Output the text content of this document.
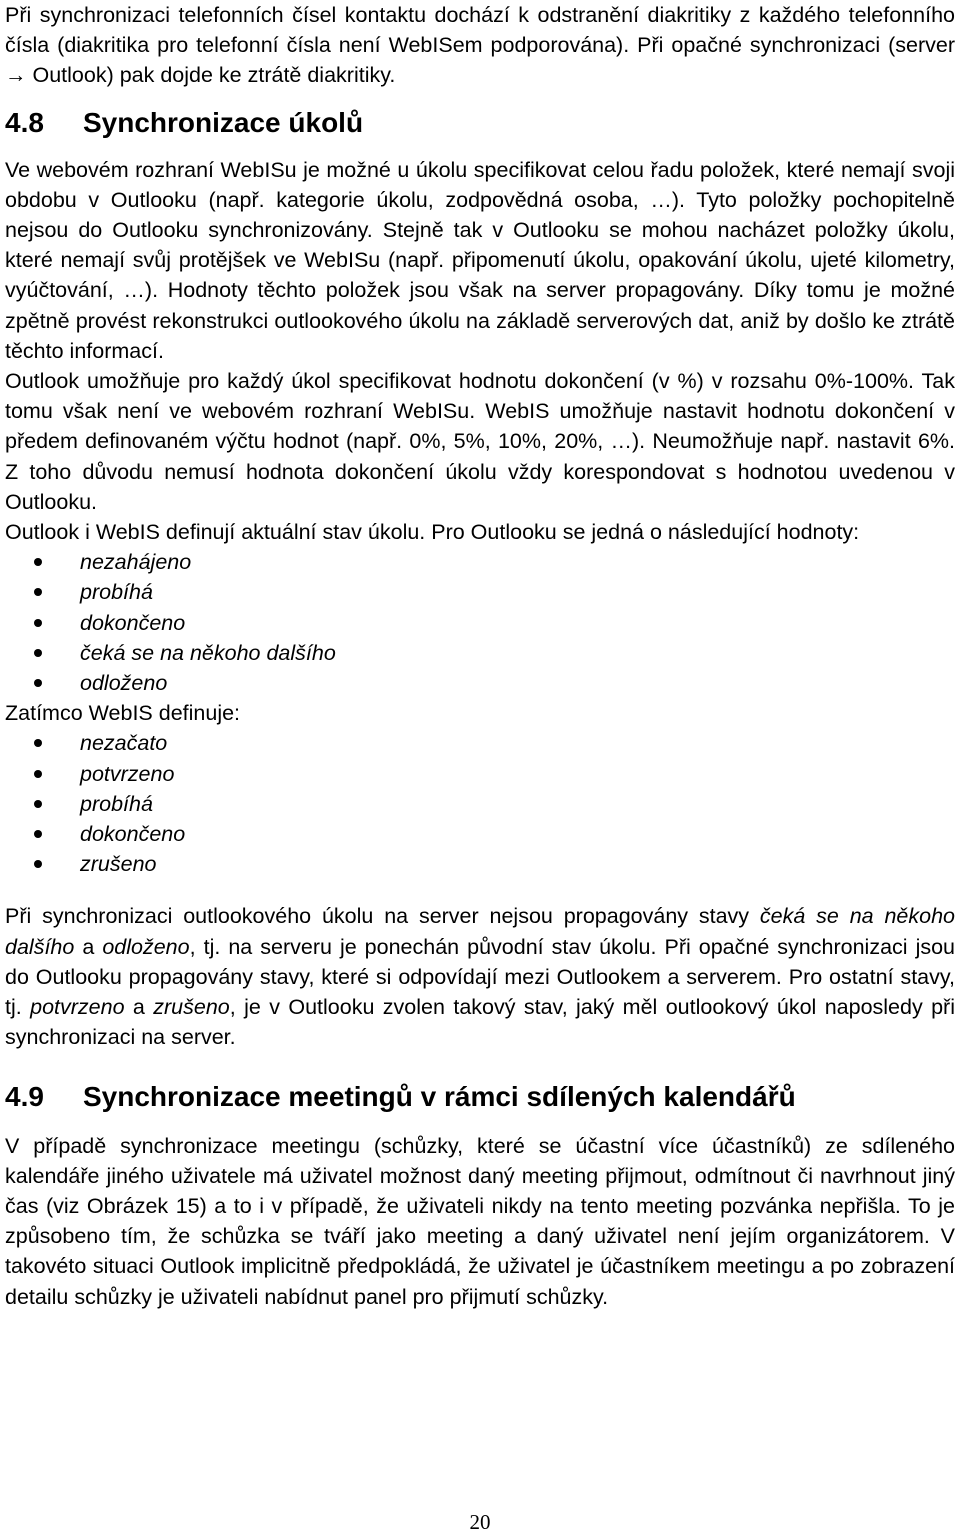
Při synchronizaci telefonních čísel kontaktu dochází k odstranění diakritiky z každého telefonního čísla (diakritika pro telefonní čísla není WebISem podporována). Při opačné synchronizaci (server → Outlook) pak dojde ke ztrátě diakritiky.

4.8	Synchronizace úkolů

Ve webovém rozhraní WebISu je možné u úkolu specifikovat celou řadu položek, které nemají svoji obdobu v Outlooku (např. kategorie úkolu, zodpovědná osoba, …). Tyto položky pochopitelně nejsou do Outlooku synchronizovány. Stejně tak v Outlooku se mohou nacházet položky úkolu, které nemají svůj protějšek ve WebISu (např. připomenutí úkolu, opakování úkolu, ujeté kilometry, vyúčtování, …). Hodnoty těchto položek jsou však na server propagovány. Díky tomu je možné zpětně provést rekonstrukci outlookového úkolu na základě serverových dat, aniž by došlo ke ztrátě těchto informací.

Outlook umožňuje pro každý úkol specifikovat hodnotu dokončení (v %) v rozsahu 0%-100%. Tak tomu však není ve webovém rozhraní WebISu. WebIS umožňuje nastavit hodnotu dokončení v předem definovaném výčtu hodnot (např. 0%, 5%, 10%, 20%, …). Neumožňuje např. nastavit 6%. Z toho důvodu nemusí hodnota dokončení úkolu vždy korespondovat s hodnotou uvedenou v Outlooku.

Outlook i WebIS definují aktuální stav úkolu. Pro Outlooku se jedná o následující hodnoty:

nezahájeno
probíhá
dokončeno
čeká se na někoho dalšího
odloženo

Zatímco WebIS definuje:

nezačato
potvrzeno
probíhá
dokončeno
zrušeno

Při synchronizaci outlookového úkolu na server nejsou propagovány stavy čeká se na někoho dalšího a odloženo, tj. na serveru je ponechán původní stav úkolu. Při opačné synchronizaci jsou do Outlooku propagovány stavy, které si odpovídají mezi Outlookem a serverem. Pro ostatní stavy, tj. potvrzeno a zrušeno, je v Outlooku zvolen takový stav, jaký měl outlookový úkol naposledy při synchronizaci na server.

4.9	Synchronizace meetingů v rámci sdílených kalendářů

V případě synchronizace meetingu (schůzky, které se účastní více účastníků) ze sdíleného kalendáře jiného uživatele má uživatel možnost daný meeting přijmout, odmítnout či navrhnout jiný čas (viz Obrázek 15) a to i v případě, že uživateli nikdy na tento meeting pozvánka nepřišla. To je způsobeno tím, že schůzka se tváří jako meeting a daný uživatel není jejím organizátorem. V takovéto situaci Outlook implicitně předpokládá, že uživatel je účastníkem meetingu a po zobrazení detailu schůzky je uživateli nabídnut panel pro přijmutí schůzky.

20
